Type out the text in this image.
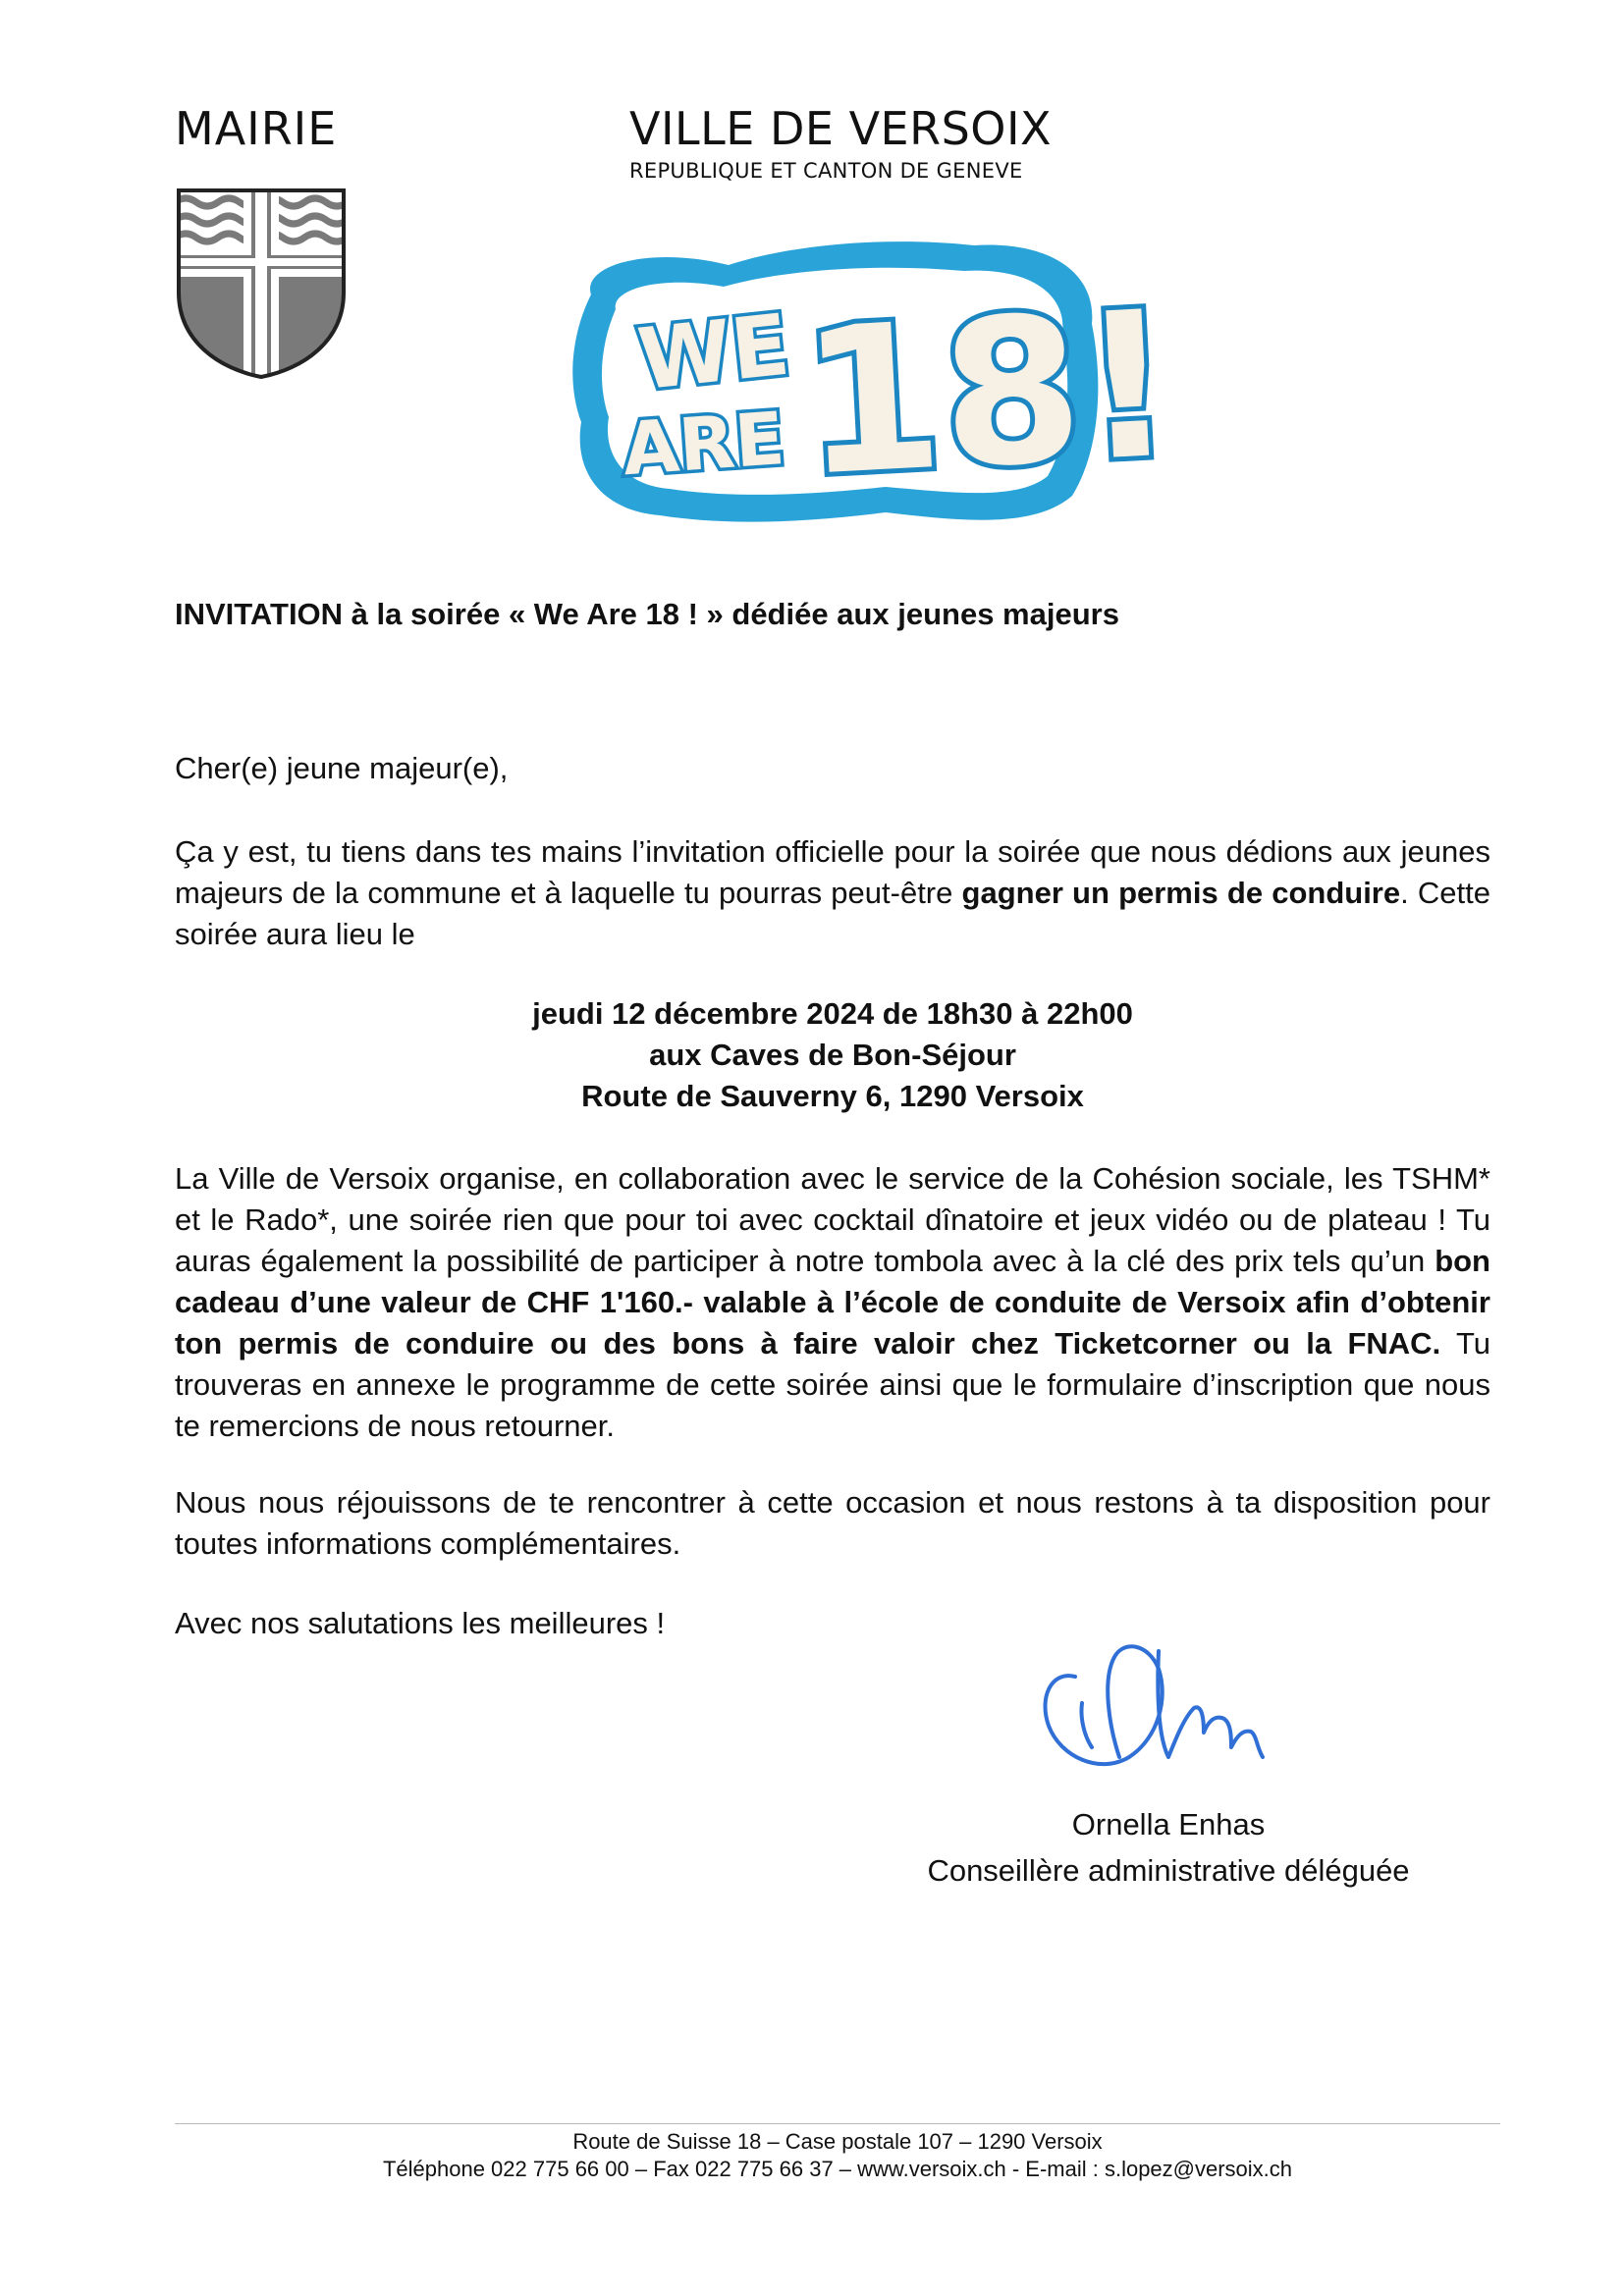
MAIRIE	VILLE DE VERSOIX
REPUBLIQUE ET CANTON DE GENEVE
WE
ARE 18!
INVITATION à la soirée « We Are 18 ! » dédiée aux jeunes majeurs
Cher(e) jeune majeur(e),
Ça y est, tu tiens dans tes mains l’invitation officielle pour la soirée que nous dédions aux jeunes majeurs de la commune et à laquelle tu pourras peut-être gagner un permis de conduire. Cette soirée aura lieu le
jeudi 12 décembre 2024 de 18h30 à 22h00
aux Caves de Bon-Séjour
Route de Sauverny 6, 1290 Versoix
La Ville de Versoix organise, en collaboration avec le service de la Cohésion sociale, les TSHM* et le Rado*, une soirée rien que pour toi avec cocktail dînatoire et jeux vidéo ou de plateau ! Tu auras également la possibilité de participer à notre tombola avec à la clé des prix tels qu’un bon cadeau d’une valeur de CHF 1'160.- valable à l’école de conduite de Versoix afin d’obtenir ton permis de conduire ou des bons à faire valoir chez Ticketcorner ou la FNAC. Tu trouveras en annexe le programme de cette soirée ainsi que le formulaire d’inscription que nous te remercions de nous retourner.
Nous nous réjouissons de te rencontrer à cette occasion et nous restons à ta disposition pour toutes informations complémentaires.
Avec nos salutations les meilleures !
Ornella Enhas
Conseillère administrative déléguée
Route de Suisse 18 – Case postale 107 – 1290 Versoix
Téléphone 022 775 66 00 – Fax 022 775 66 37 – www.versoix.ch - E-mail : s.lopez@versoix.ch
